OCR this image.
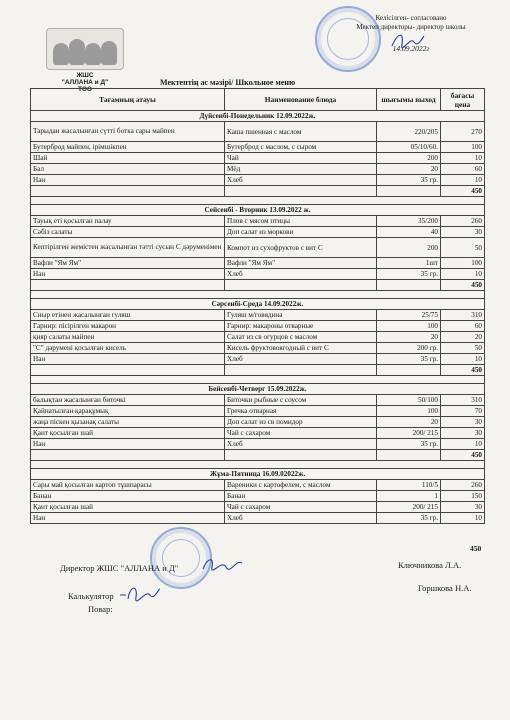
ЖШС
"АЛЛАНА и Д"
ТОО
Келісілген- согласовано
Мектеп директоры- директор школы
14.09.2022г
Мектептің ас мәзірі/ Школьное меню
Тағамның атауы	Наименование блюда	шығымы выход	бағасы цена
Дүйсенбі-Понедельник 12.09.2022ж.			
Тарыдан жасалынған сүтті ботка сары майпен	Каша пшенная с маслом	220/205	270
Бутерброд майпен, ірімшікпен	Бутерброд с маслом, с сыром	05/10/60.	100
Шай	Чай	200	10
Бал	Мёд	20	60
Нан	Хлеб	35 гр.	10
			450

Сейсенбі - Вторник 13.09.2022 ж.			
Тауық еті қосылған палау	Плов с мясом птицы	35/200	260
Сәбіз салаты	Доп салат из моркови	40	30
Кептірілген жемістен жасалынған тәтті сусын С дәруменімен	Компот из сухофруктов с вит С	200	50
Вафли "Ям Ям"	Вафли "Ям Ям"	1шт	100
Нан	Хлеб	35 гр.	10
			450

Сәрсенбі-Среда 14.09.2022ж.			
Сиыр етінен жасалынған гуляш	Гуляш м/говядина	25/75	310
Гарнир: пісірілген макарон	Гарнир: макароны отварные	100	60
қияр салаты майпен	Салат из св огурцов с маслом	20	20
"С" дәрумені қосылған кисель	Кисель фруктовоягодный с вит С	200 гр.	50
Нан	Хлеб	35 гр.	10
			450

Бейсенбі-Четверг 15.09.2022ж.			
балықтан жасалынған биточкі	Биточки рыбные с соусом	50/100	310
Қайнатылған қарақұмық	Гречка отварная	100	70
жаңа піскен қызанақ салаты	Доп салат из св помидор	20	30
Қант қосылған шай	Чай с сахаром	200/ 215	30
Нан	Хлеб	35 гр.	10
			450

Жұма-Пятница 16.09.02022ж.			
Сары май қосылған картоп тұшпарасы	Вареники с картофелем, с маслом	110/5	260
Банан	Банан	1	150
Қант қосылған шай	Чай с сахаром	200/ 215	30
Нан	Хлеб	35 гр.	10
450
Директор ЖШС "АЛЛАНА и Д"	Ключникова Л.А.
Калькулятор
Горшкова Н.А.
Повар:
